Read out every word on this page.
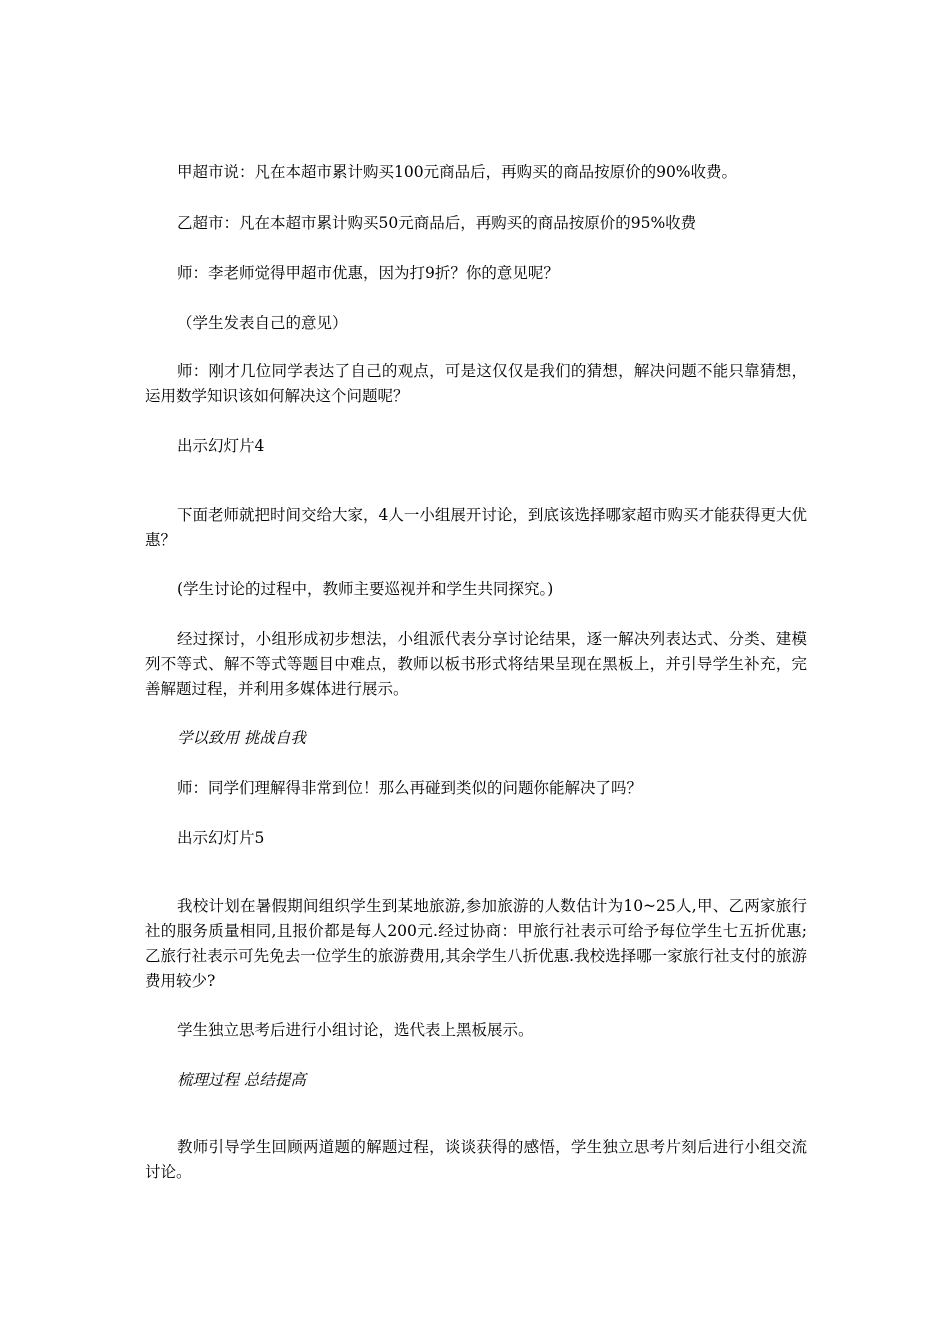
甲超市说：凡在本超市累计购买100元商品后，再购买的商品按原价的90%收费。

乙超市：凡在本超市累计购买50元商品后，再购买的商品按原价的95%收费

师：李老师觉得甲超市优惠，因为打9折？你的意见呢？

（学生发表自己的意见）

师：刚才几位同学表达了自己的观点，可是这仅仅是我们的猜想，解决问题不能只靠猜想，运用数学知识该如何解决这个问题呢？

出示幻灯片4

下面老师就把时间交给大家，4人一小组展开讨论，到底该选择哪家超市购买才能获得更大优惠？

(学生讨论的过程中，教师主要巡视并和学生共同探究。)

经过探讨，小组形成初步想法，小组派代表分享讨论结果，逐一解决列表达式、分类、建模列不等式、解不等式等题目中难点，教师以板书形式将结果呈现在黑板上，并引导学生补充，完善解题过程，并利用多媒体进行展示。

学以致用 挑战自我

师：同学们理解得非常到位！那么再碰到类似的问题你能解决了吗？

出示幻灯片5

我校计划在暑假期间组织学生到某地旅游,参加旅游的人数估计为10~25人,甲、乙两家旅行社的服务质量相同,且报价都是每人200元.经过协商：甲旅行社表示可给予每位学生七五折优惠;乙旅行社表示可先免去一位学生的旅游费用,其余学生八折优惠.我校选择哪一家旅行社支付的旅游费用较少?

学生独立思考后进行小组讨论，选代表上黑板展示。

梳理过程 总结提高

教师引导学生回顾两道题的解题过程，谈谈获得的感悟，学生独立思考片刻后进行小组交流讨论。
